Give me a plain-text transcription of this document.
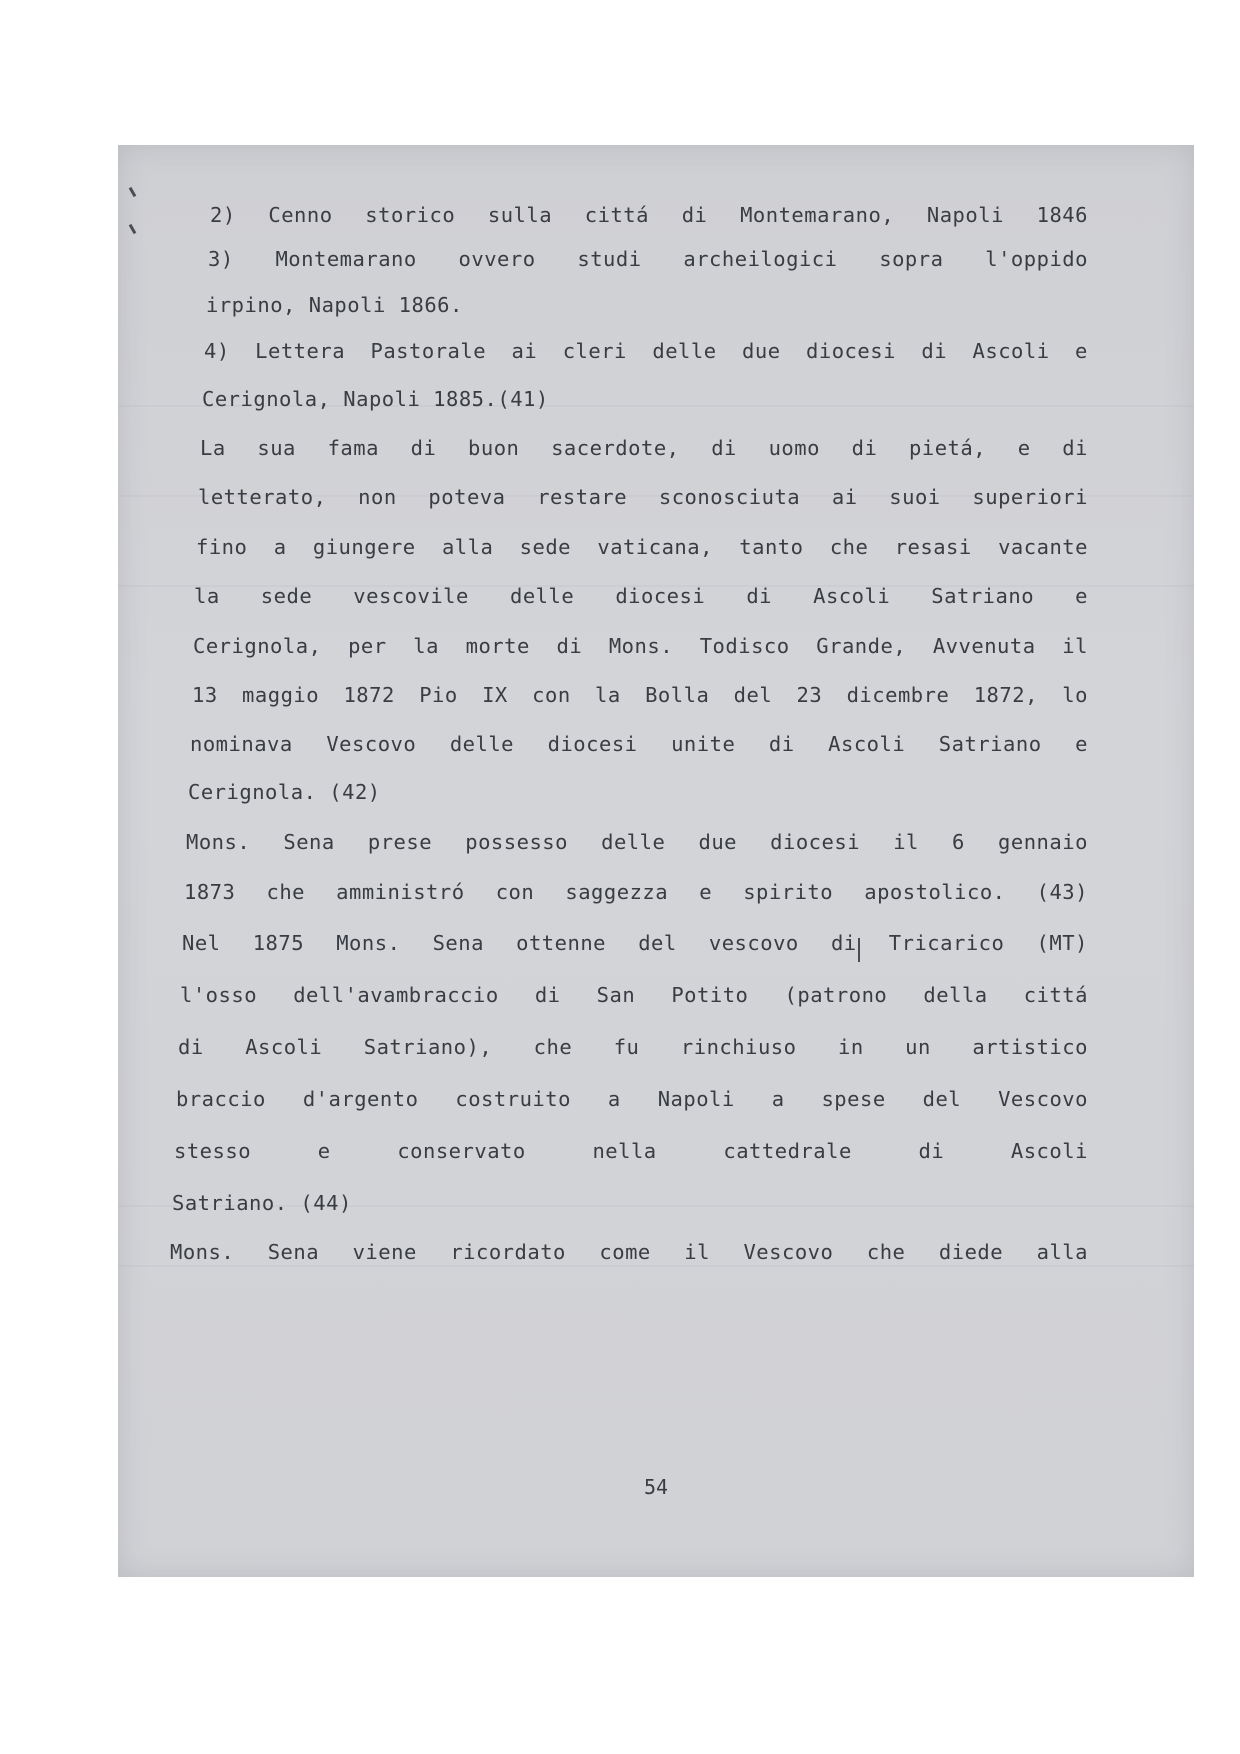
2) Cenno storico sulla cittá di Montemarano, Napoli 1846
3) Montemarano ovvero studi archeilogici sopra l'oppido
irpino, Napoli 1866.
4) Lettera Pastorale ai cleri delle due diocesi di Ascoli e
Cerignola, Napoli 1885.(41)
La sua fama di buon sacerdote, di uomo di pietá, e di
letterato, non poteva restare sconosciuta ai suoi superiori
fino a giungere alla sede vaticana, tanto che resasi vacante
la sede vescovile delle diocesi di Ascoli Satriano e
Cerignola, per la morte di Mons. Todisco Grande, Avvenuta il
13 maggio 1872 Pio IX con la Bolla del 23 dicembre 1872, lo
nominava Vescovo delle diocesi unite di Ascoli Satriano e
Cerignola. (42)
Mons. Sena prese possesso delle due diocesi il 6 gennaio
1873 che amministró con saggezza e spirito apostolico. (43)
Nel 1875 Mons. Sena ottenne del vescovo di Tricarico (MT)
l'osso dell'avambraccio di San Potito (patrono della cittá
di Ascoli Satriano), che fu rinchiuso in un artistico
braccio d'argento costruito a Napoli a spese del Vescovo
stesso	e	conservato	nella	cattedrale	di	Ascoli
Satriano. (44)
Mons. Sena viene ricordato come il Vescovo che diede alla
54
